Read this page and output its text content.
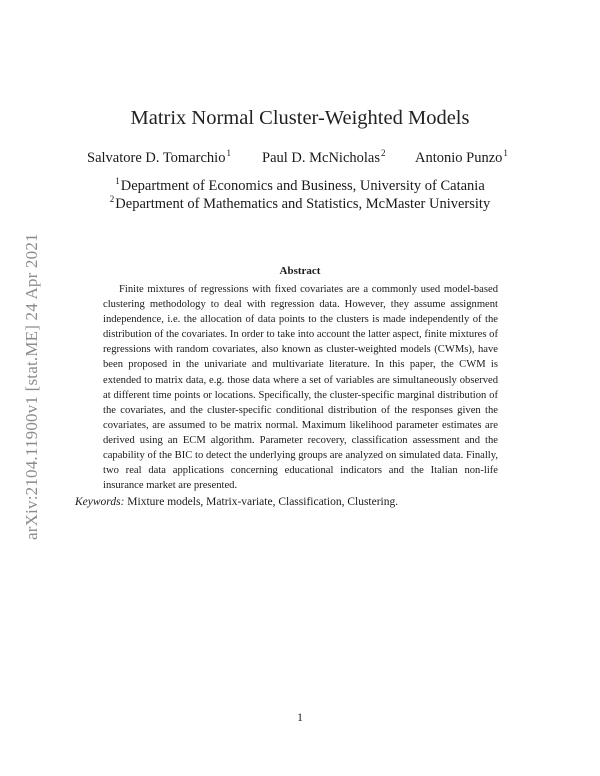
arXiv:2104.11900v1 [stat.ME] 24 Apr 2021
Matrix Normal Cluster-Weighted Models
Salvatore D. Tomarchio$^1$ Paul D. McNicholas$^2$ Antonio Punzo$^1$
$^1$Department of Economics and Business, University of Catania
$^2$Department of Mathematics and Statistics, McMaster University
Abstract
Finite mixtures of regressions with fixed covariates are a commonly used model-based clustering methodology to deal with regression data. However, they assume assignment independence, i.e. the allocation of data points to the clusters is made independently of the distribution of the covariates. In order to take into account the latter aspect, finite mixtures of regressions with random covariates, also known as cluster-weighted models (CWMs), have been proposed in the univariate and multivariate literature. In this paper, the CWM is extended to matrix data, e.g. those data where a set of variables are simultaneously observed at different time points or locations. Specifically, the cluster-specific marginal distribution of the covariates, and the cluster-specific conditional distribution of the responses given the covariates, are assumed to be matrix normal. Maximum likelihood parameter estimates are derived using an ECM algorithm. Parameter recovery, classification assessment and the capability of the BIC to detect the underlying groups are analyzed on simulated data. Finally, two real data applications concerning educational indicators and the Italian non-life insurance market are presented.
Keywords: Mixture models, Matrix-variate, Classification, Clustering.
1
